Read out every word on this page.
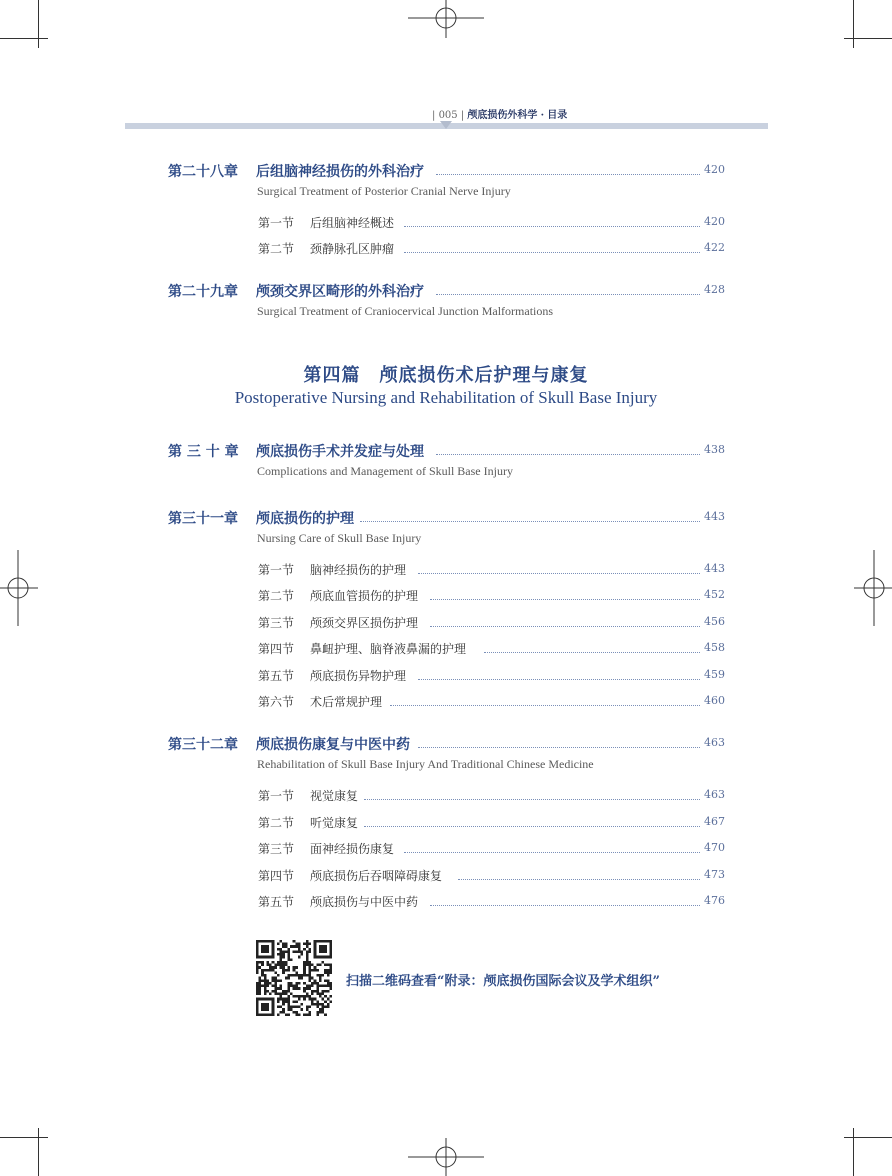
| 005 | 颅底损伤外科学 · 目录
第二十八章 后组脑神经损伤的外科治疗	420
Surgical Treatment of Posterior Cranial Nerve Injury
第一节 后组脑神经概述	420
第二节 颈静脉孔区肿瘤	422
第二十九章 颅颈交界区畸形的外科治疗	428
Surgical Treatment of Craniocervical Junction Malformations
第四篇　颅底损伤术后护理与康复
Postoperative Nursing and Rehabilitation of Skull Base Injury
第 三 十 章 颅底损伤手术并发症与处理	438
Complications and Management of Skull Base Injury
第三十一章 颅底损伤的护理	443
Nursing Care of Skull Base Injury
第一节 脑神经损伤的护理	443
第二节 颅底血管损伤的护理	452
第三节 颅颈交界区损伤护理	456
第四节 鼻衄护理、脑脊液鼻漏的护理	458
第五节 颅底损伤异物护理	459
第六节 术后常规护理	460
第三十二章 颅底损伤康复与中医中药	463
Rehabilitation of Skull Base Injury And Traditional Chinese Medicine
第一节 视觉康复	463
第二节 听觉康复	467
第三节 面神经损伤康复	470
第四节 颅底损伤后吞咽障碍康复	473
第五节 颅底损伤与中医中药	476
扫描二维码查看“附录：颅底损伤国际会议及学术组织”
